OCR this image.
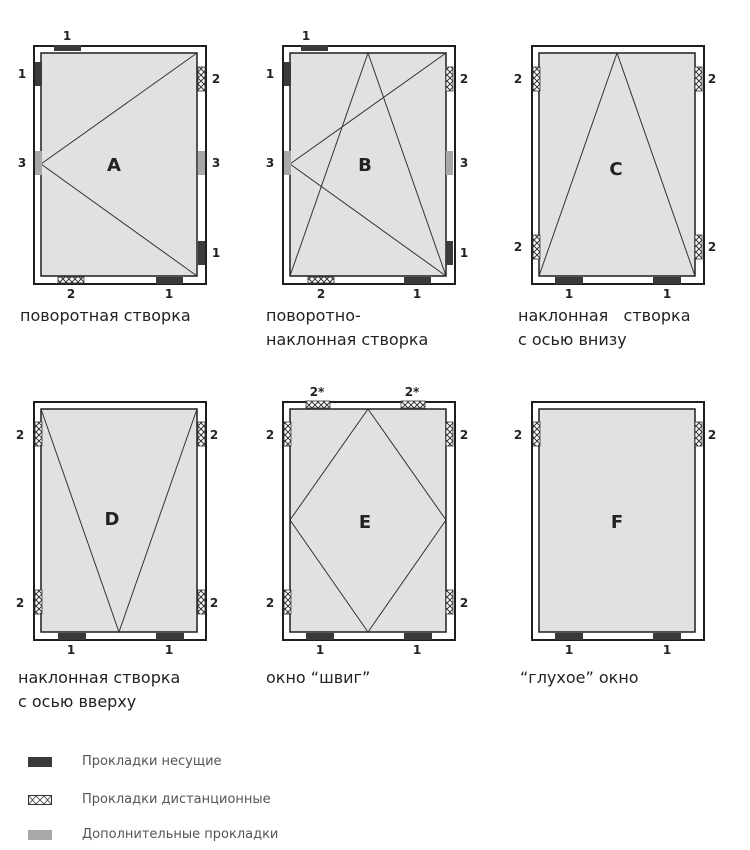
A
1
1
3
2
3
1
2	1
B
1
1
3
2
3
1
2	1
C
2	2
2	2
1	1
D
2	2
2	2
1	1
E
2*	2*
2	2
2	2
1	1
F
2	2
1	1
поворотная створка	поворотно-
наклонная створка
наклонная   створка
с осью внизу
наклонная створка
с осью вверху
окно “швиг”	“глухое” окно
Прокладки несущие
Прокладки дистанционные
Дополнительные прокладки
